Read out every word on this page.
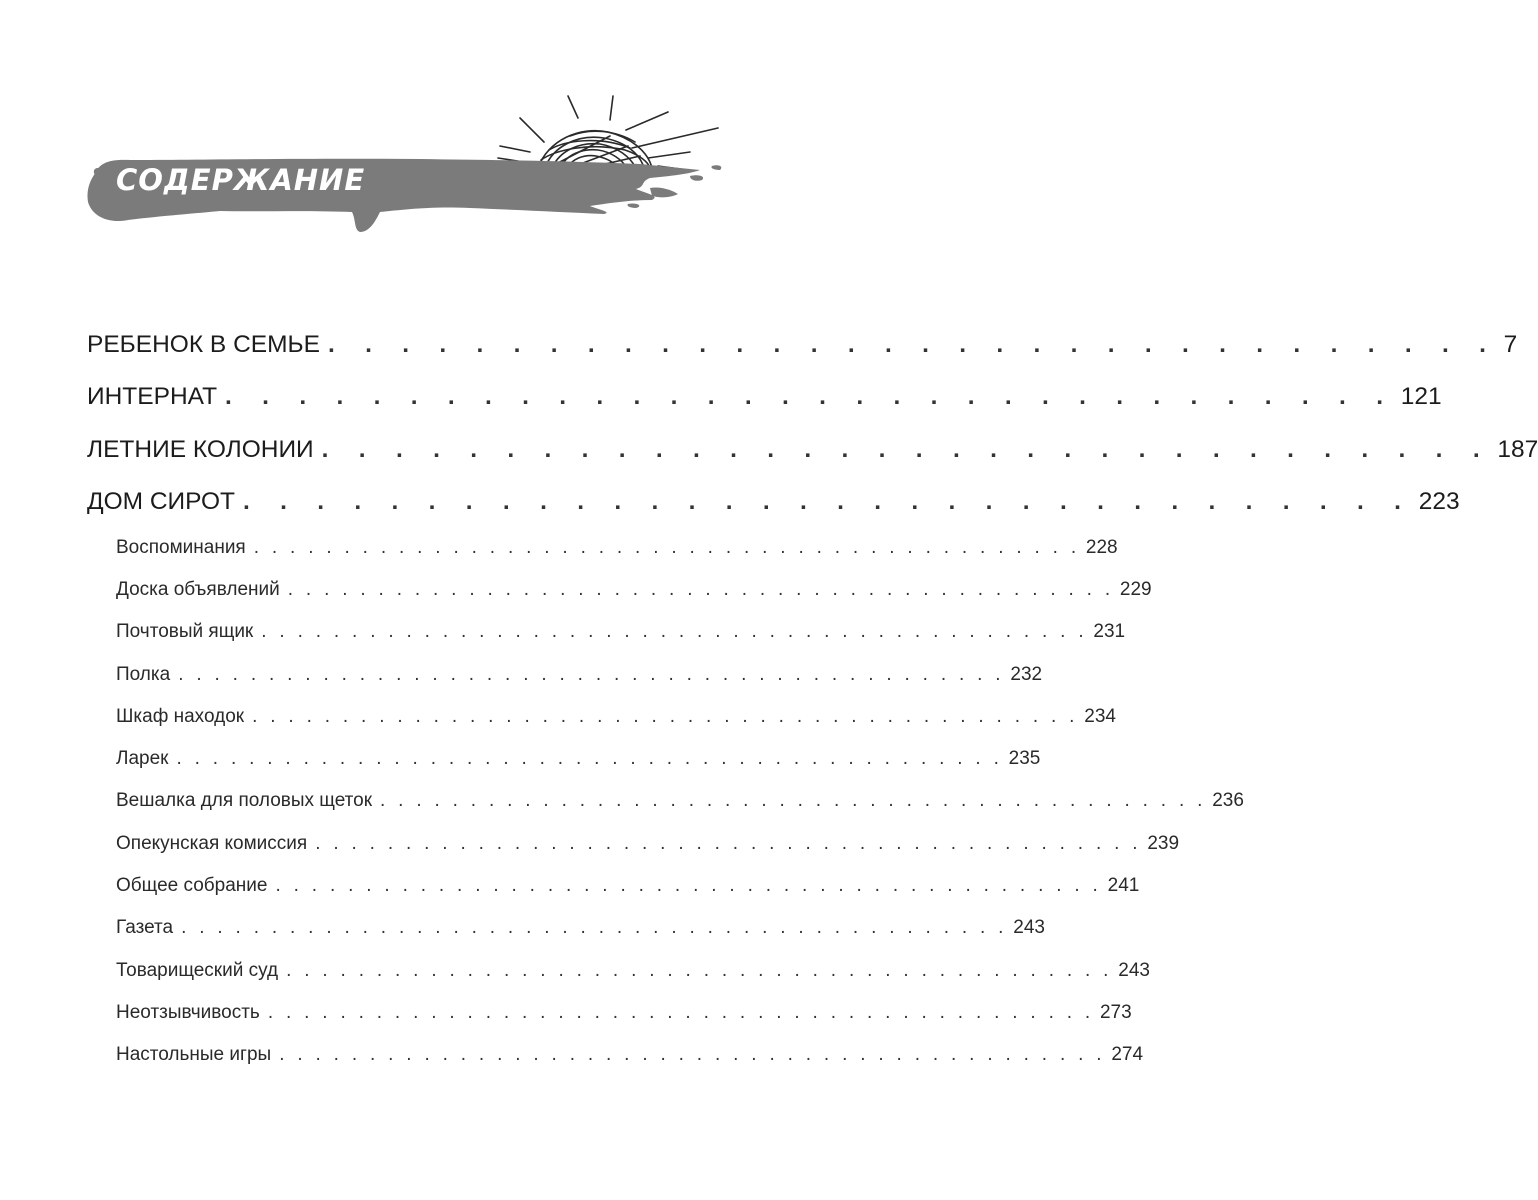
СОДЕРЖАНИЕ
РЕБЕНОК В СЕМЬЕ . . . . . . . . . . . . . . . . . . . . . . . . . . . . . . . . 7
ИНТЕРНАТ . . . . . . . . . . . . . . . . . . . . . . . . . . . . . . . . 121
ЛЕТНИЕ КОЛОНИИ . . . . . . . . . . . . . . . . . . . . . . . . . . . . . . . . 187
ДОМ СИРОТ . . . . . . . . . . . . . . . . . . . . . . . . . . . . . . . . 223
Воспоминания . . . . . . . . . . . . . . . . . . . . . . . . . . . . . . . . . . . . . . . . . . . . . . 228
Доска объявлений . . . . . . . . . . . . . . . . . . . . . . . . . . . . . . . . . . . . . . . . . . . . . . 229
Почтовый ящик . . . . . . . . . . . . . . . . . . . . . . . . . . . . . . . . . . . . . . . . . . . . . . 231
Полка . . . . . . . . . . . . . . . . . . . . . . . . . . . . . . . . . . . . . . . . . . . . . . 232
Шкаф находок . . . . . . . . . . . . . . . . . . . . . . . . . . . . . . . . . . . . . . . . . . . . . . 234
Ларек . . . . . . . . . . . . . . . . . . . . . . . . . . . . . . . . . . . . . . . . . . . . . . 235
Вешалка для половых щеток . . . . . . . . . . . . . . . . . . . . . . . . . . . . . . . . . . . . . . . . . . . . . . 236
Опекунская комиссия . . . . . . . . . . . . . . . . . . . . . . . . . . . . . . . . . . . . . . . . . . . . . . 239
Общее собрание . . . . . . . . . . . . . . . . . . . . . . . . . . . . . . . . . . . . . . . . . . . . . . 241
Газета . . . . . . . . . . . . . . . . . . . . . . . . . . . . . . . . . . . . . . . . . . . . . . 243
Товарищеский суд . . . . . . . . . . . . . . . . . . . . . . . . . . . . . . . . . . . . . . . . . . . . . . 243
Неотзывчивость . . . . . . . . . . . . . . . . . . . . . . . . . . . . . . . . . . . . . . . . . . . . . . 273
Настольные игры . . . . . . . . . . . . . . . . . . . . . . . . . . . . . . . . . . . . . . . . . . . . . . 274
